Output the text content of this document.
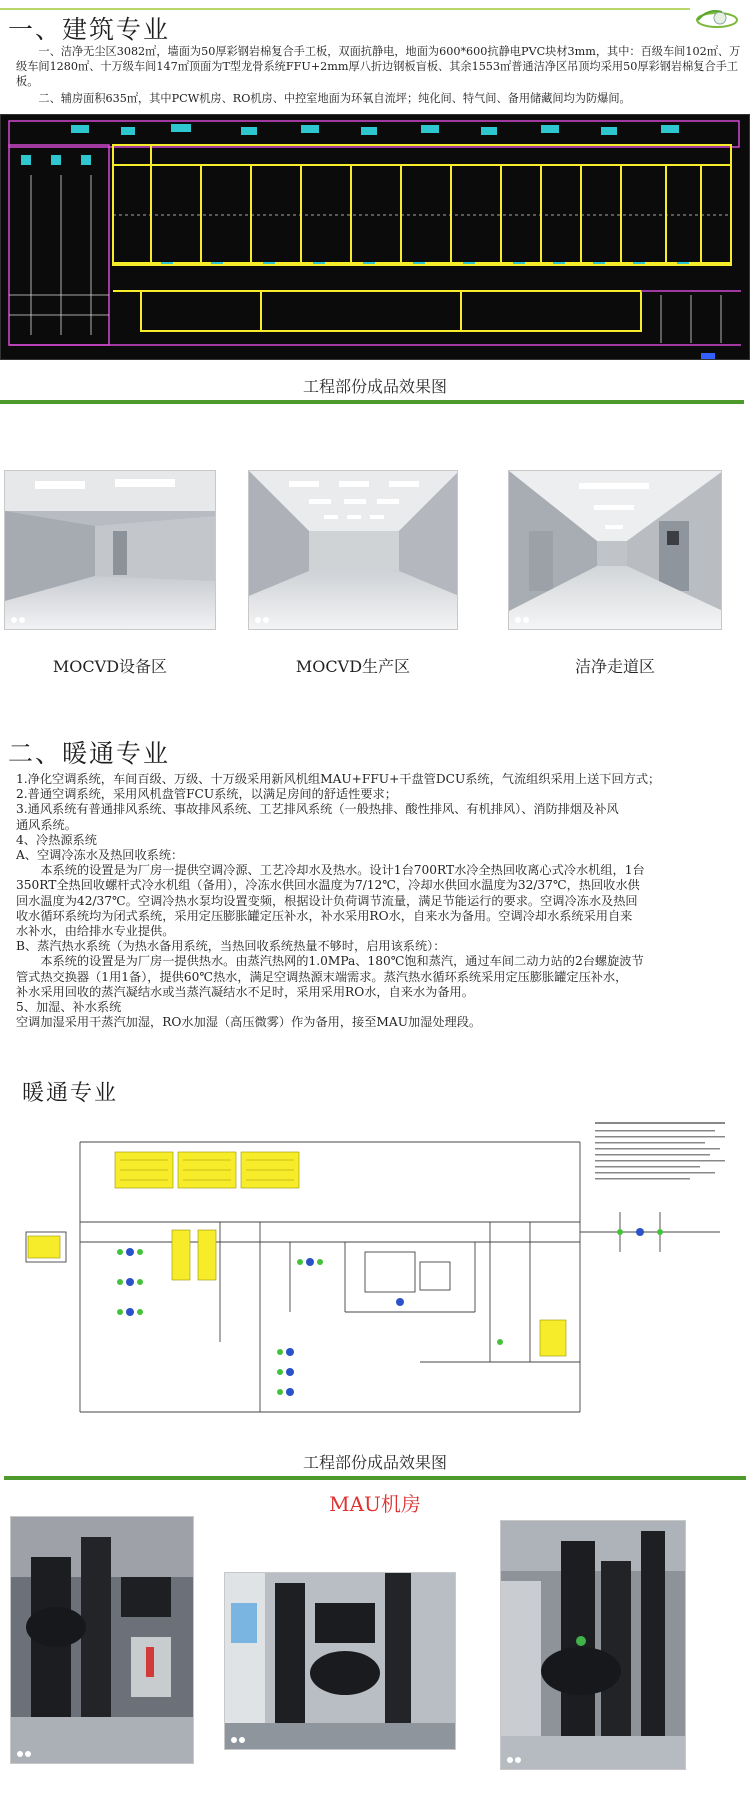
一、建筑专业
一、洁净无尘区3082㎡，墙面为50厚彩钢岩棉复合手工板，双面抗静电，地面为600*600抗静电PVC块材3mm，其中：百级车间102㎡、万级车间1280㎡、十万级车间147㎡顶面为T型龙骨系统FFU+2mm厚八折边钢板盲板、其余1553㎡普通洁净区吊顶均采用50厚彩钢岩棉复合手工板。
二、辅房面积635㎡，其中PCW机房、RO机房、中控室地面为环氧自流坪；纯化间、特气间、备用储藏间均为防爆间。
工程部份成品效果图
MOCVD设备区	MOCVD生产区	洁净走道区
二、暖通专业
1.净化空调系统，车间百级、万级、十万级采用新风机组MAU+FFU+干盘管DCU系统，气流组织采用上送下回方式；
2.普通空调系统，采用风机盘管FCU系统，以满足房间的舒适性要求；
3.通风系统有普通排风系统、事故排风系统、工艺排风系统（一般热排、酸性排风、有机排风）、消防排烟及补风
通风系统。
4、冷热源系统
A、空调冷冻水及热回收系统：
　　本系统的设置是为厂房一提供空调冷源、工艺冷却水及热水。设计1台700RT水冷全热回收离心式冷水机组，1台
350RT全热回收螺杆式冷水机组（备用），冷冻水供回水温度为7/12℃，冷却水供回水温度为32/37℃，热回收水供
回水温度为42/37℃。空调冷热水泵均设置变频，根据设计负荷调节流量，满足节能运行的要求。空调冷冻水及热回
收水循环系统均为闭式系统，采用定压膨胀罐定压补水，补水采用RO水，自来水为备用。空调冷却水系统采用自来
水补水，由给排水专业提供。
B、蒸汽热水系统（为热水备用系统，当热回收系统热量不够时，启用该系统）：
　　本系统的设置是为厂房一提供热水。由蒸汽热网的1.0MPa、180℃饱和蒸汽，通过车间二动力站的2台螺旋波节
管式热交换器（1用1备），提供60℃热水，满足空调热源末端需求。蒸汽热水循环系统采用定压膨胀罐定压补水，
补水采用回收的蒸汽凝结水或当蒸汽凝结水不足时，采用采用RO水，自来水为备用。
5、加湿、补水系统
空调加湿采用干蒸汽加湿，RO水加湿（高压微雾）作为备用，接至MAU加湿处理段。
暖通专业
工程部份成品效果图
MAU机房
